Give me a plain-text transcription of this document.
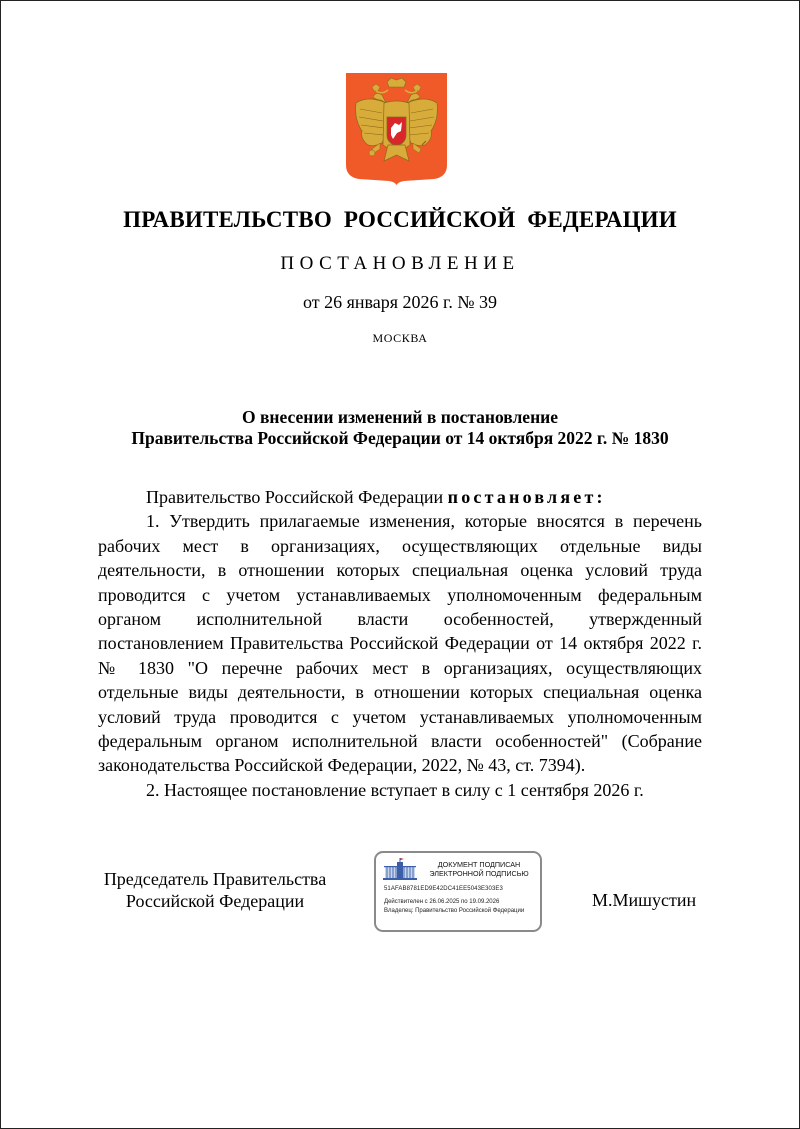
ПРАВИТЕЛЬСТВО РОССИЙСКОЙ ФЕДЕРАЦИИ
ПОСТАНОВЛЕНИЕ
от 26 января 2026 г. № 39
МОСКВА
О внесении изменений в постановление
Правительства Российской Федерации от 14 октября 2022 г. № 1830

Правительство Российской Федерации постановляет:

1. Утвердить прилагаемые изменения, которые вносятся в перечень рабочих мест в организациях, осуществляющих отдельные виды деятельности, в отношении которых специальная оценка условий труда проводится с учетом устанавливаемых уполномоченным федеральным органом исполнительной власти особенностей, утвержденный постановлением Правительства Российской Федерации от 14 октября 2022 г. № 1830 "О перечне рабочих мест в организациях, осуществляющих отдельные виды деятельности, в отношении которых специальная оценка условий труда проводится с учетом устанавливаемых уполномоченным федеральным органом исполнительной власти особенностей" (Собрание законодательства Российской Федерации, 2022, № 43, ст. 7394).

2. Настоящее постановление вступает в силу с 1 сентября 2026 г.

Председатель Правительства
Российской Федерации
ДОКУМЕНТ ПОДПИСАН
ЭЛЕКТРОННОЙ ПОДПИСЬЮ
51AFAB8781ED9E42DC41EE5043E303E3
Действителен с 26.06.2025 по 19.09.2026
Владелец: Правительство Российской Федерации
М.Мишустин
